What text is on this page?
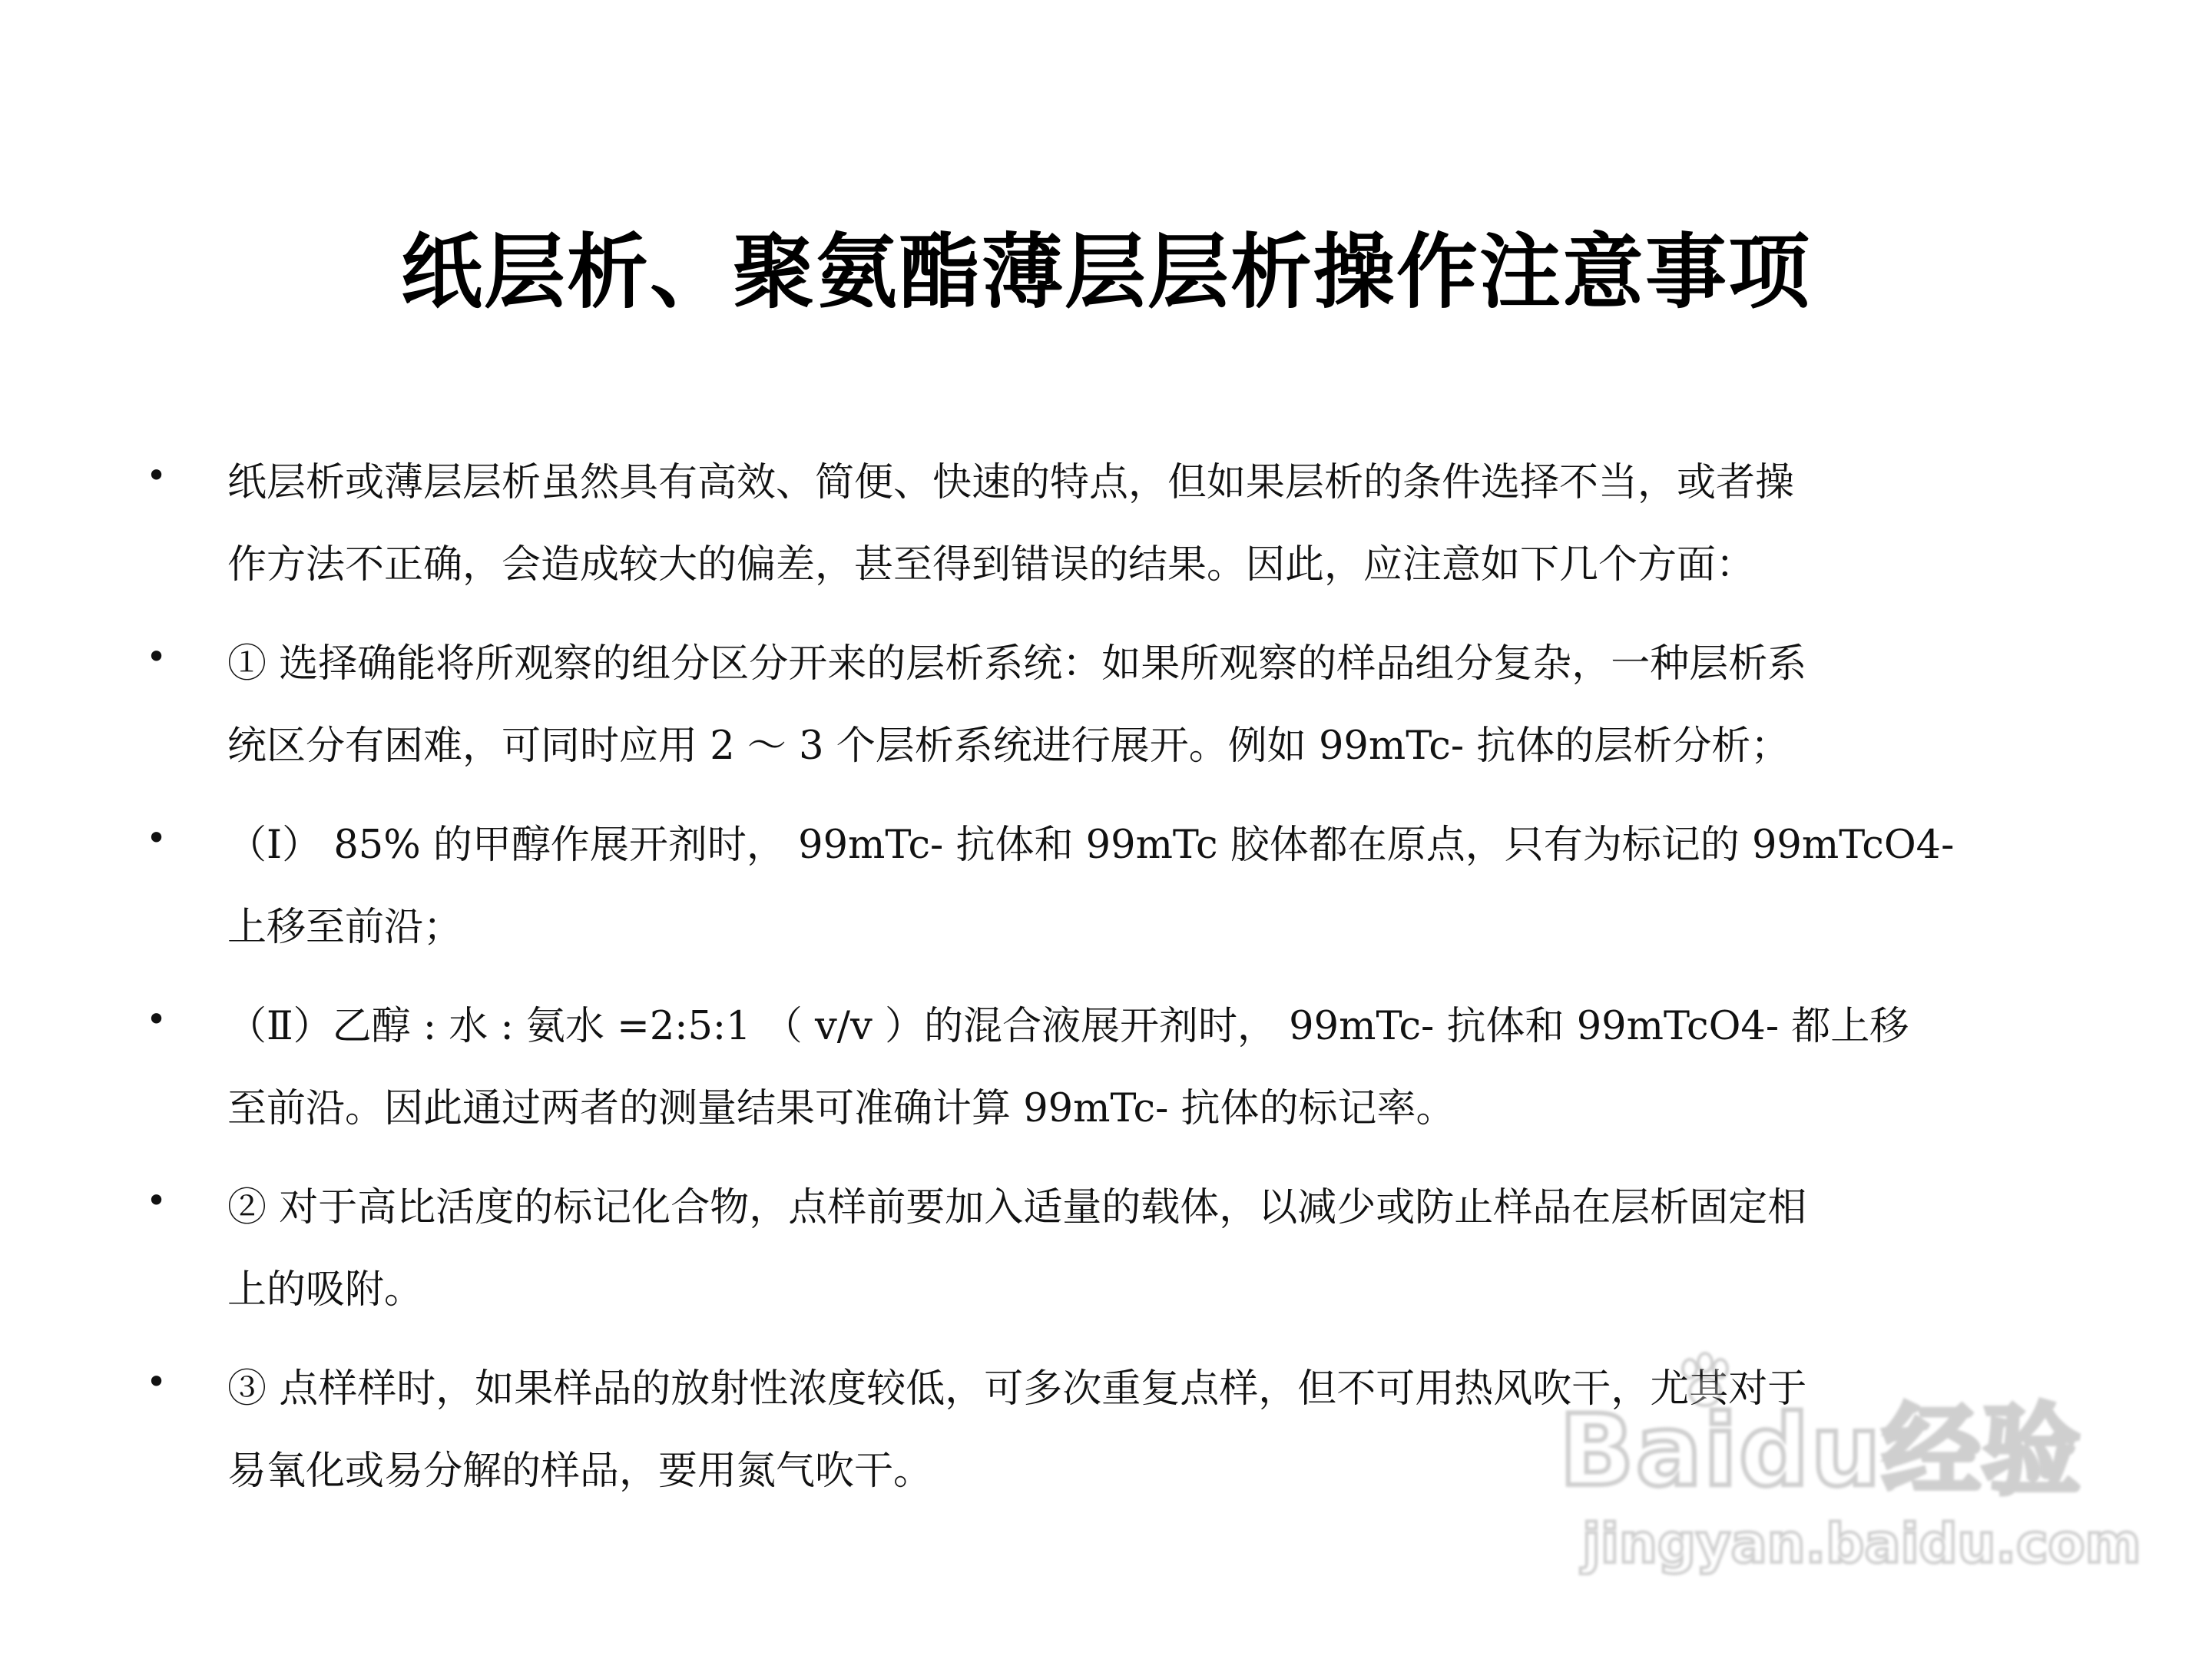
纸层析、聚氨酯薄层层析操作注意事项
• 纸层析或薄层层析虽然具有高效、简便、快速的特点，但如果层析的条件选择不当，或者操
作方法不正确，会造成较大的偏差，甚至得到错误的结果。因此，应注意如下几个方面：
• ① 选择确能将所观察的组分区分开来的层析系统：如果所观察的样品组分复杂，一种层析系
统区分有困难，可同时应用 2 ～ 3 个层析系统进行展开。例如 99mTc- 抗体的层析分析；
• （Ⅰ） 85% 的甲醇作展开剂时， 99mTc- 抗体和 99mTc 胶体都在原点，只有为标记的 99mTcO4-
上移至前沿；
• （Ⅱ）乙醇 : 水 : 氨水 =2:5:1 （ v/v ）的混合液展开剂时， 99mTc- 抗体和 99mTcO4- 都上移
至前沿。因此通过两者的测量结果可准确计算 99mTc- 抗体的标记率。
• ② 对于高比活度的标记化合物，点样前要加入适量的载体，以减少或防止样品在层析固定相
上的吸附。
• ③ 点样样时，如果样品的放射性浓度较低，可多次重复点样，但不可用热风吹干，尤其对于
易氧化或易分解的样品，要用氮气吹干。	Baidu经验
jingyan.baidu.com
